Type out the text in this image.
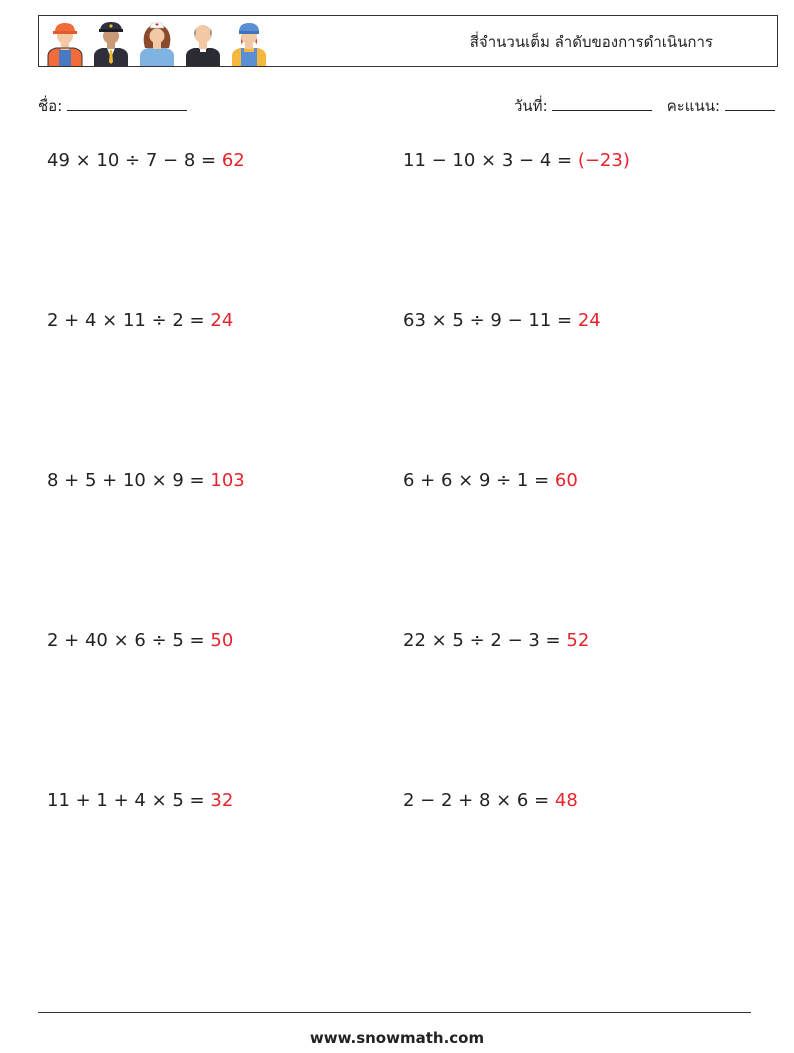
สี่จำนวนเต็ม ลำดับของการดำเนินการ
ชื่อ:	วันที่:	คะแนน:
49 × 10 ÷ 7 − 8 = 62	11 − 10 × 3 − 4 = (−23)
2 + 4 × 11 ÷ 2 = 24	63 × 5 ÷ 9 − 11 = 24
8 + 5 + 10 × 9 = 103	6 + 6 × 9 ÷ 1 = 60
2 + 40 × 6 ÷ 5 = 50	22 × 5 ÷ 2 − 3 = 52
11 + 1 + 4 × 5 = 32	2 − 2 + 8 × 6 = 48
www.snowmath.com
